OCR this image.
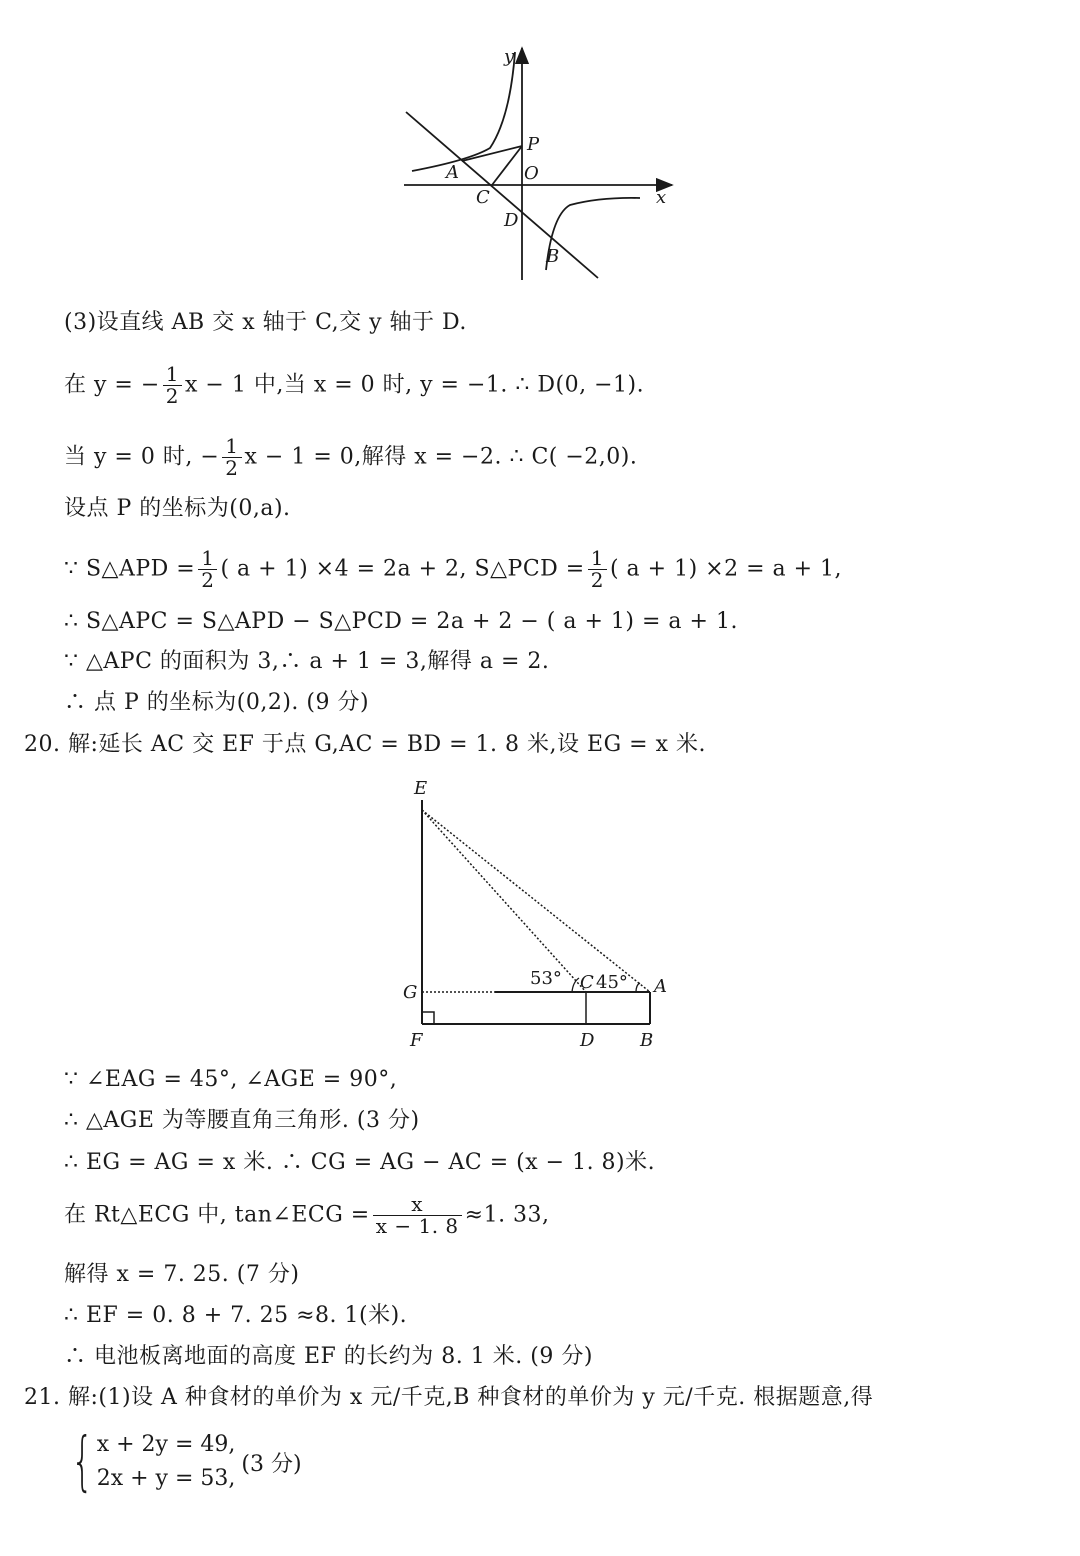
y
x
P
A	O
C
D
B
(3)设直线 AB 交 x 轴于 C,交 y 轴于 D.
在 y = − $\frac{1}{2}$ x − 1 中,当 x = 0 时, y = −1. ∴ D(0, −1).
当 y = 0 时, − $\frac{1}{2}$ x − 1 = 0,解得 x = −2. ∴ C( −2,0).
设点 P 的坐标为(0,a).
∵ S△APD = $\frac{1}{2}$ ( a + 1) ×4 = 2a + 2, S△PCD = $\frac{1}{2}$ ( a + 1) ×2 = a + 1,
∴ S△APC = S△APD − S△PCD = 2a + 2 − ( a + 1) = a + 1.
∵ △APC 的面积为 3,∴ a + 1 = 3,解得 a = 2.
∴ 点 P 的坐标为(0,2). (9 分)
20. 解:延长 AC 交 EF 于点 G,AC = BD = 1. 8 米,设 EG = x 米.
E
G
F	D	B
A
C
53° 45°
∵ ∠EAG = 45°, ∠AGE = 90°,
∴ △AGE 为等腰直角三角形. (3 分)
∴ EG = AG = x 米. ∴ CG = AG − AC = (x − 1. 8)米.
在 Rt△ECG 中, tan∠ECG = $\frac{x}{x - 1. 8} \approx 1$. 33,
解得 x = 7. 25. (7 分)
∴ EF = 0. 8 + 7. 25 ≈8. 1(米).
∴ 电池板离地面的高度 EF 的长约为 8. 1 米. (9 分)
21. 解:(1)设 A 种食材的单价为 x 元/千克,B 种食材的单价为 y 元/千克. 根据题意,得
{ x + 2y = 49,
2x + y = 53,
(3 分)
